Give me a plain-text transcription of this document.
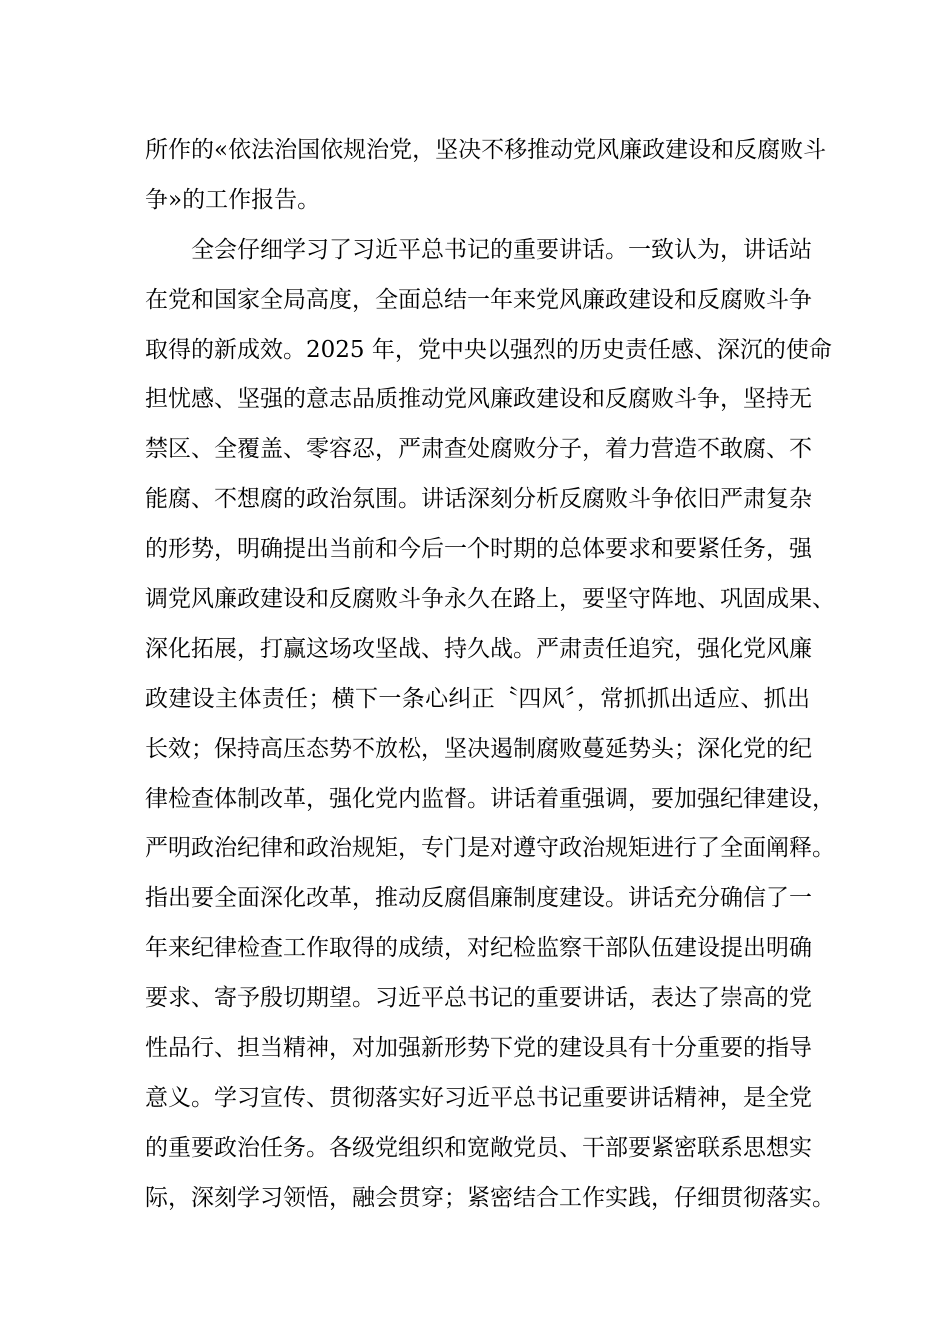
所作的«依法治国依规治党，坚决不移推动党风廉政建设和反腐败斗
争»的工作报告。
全会仔细学习了习近平总书记的重要讲话。一致认为，讲话站
在党和国家全局高度，全面总结一年来党风廉政建设和反腐败斗争
取得的新成效。2025 年，党中央以强烈的历史责任感、深沉的使命
担忧感、坚强的意志品质推动党风廉政建设和反腐败斗争，坚持无
禁区、全覆盖、零容忍，严肃查处腐败分子，着力营造不敢腐、不
能腐、不想腐的政治氛围。讲话深刻分析反腐败斗争依旧严肃复杂
的形势，明确提出当前和今后一个时期的总体要求和要紧任务，强
调党风廉政建设和反腐败斗争永久在路上，要坚守阵地、巩固成果、
深化拓展，打赢这场攻坚战、持久战。严肃责任追究，强化党风廉
政建设主体责任；横下一条心纠正〝四风〞，常抓抓出适应、抓出
长效；保持高压态势不放松，坚决遏制腐败蔓延势头；深化党的纪
律检查体制改革，强化党内监督。讲话着重强调，要加强纪律建设，
严明政治纪律和政治规矩，专门是对遵守政治规矩进行了全面阐释。
指出要全面深化改革，推动反腐倡廉制度建设。讲话充分确信了一
年来纪律检查工作取得的成绩，对纪检监察干部队伍建设提出明确
要求、寄予殷切期望。习近平总书记的重要讲话，表达了崇高的党
性品行、担当精神，对加强新形势下党的建设具有十分重要的指导
意义。学习宣传、贯彻落实好习近平总书记重要讲话精神，是全党
的重要政治任务。各级党组织和宽敞党员、干部要紧密联系思想实
际，深刻学习领悟，融会贯穿；紧密结合工作实践，仔细贯彻落实。
